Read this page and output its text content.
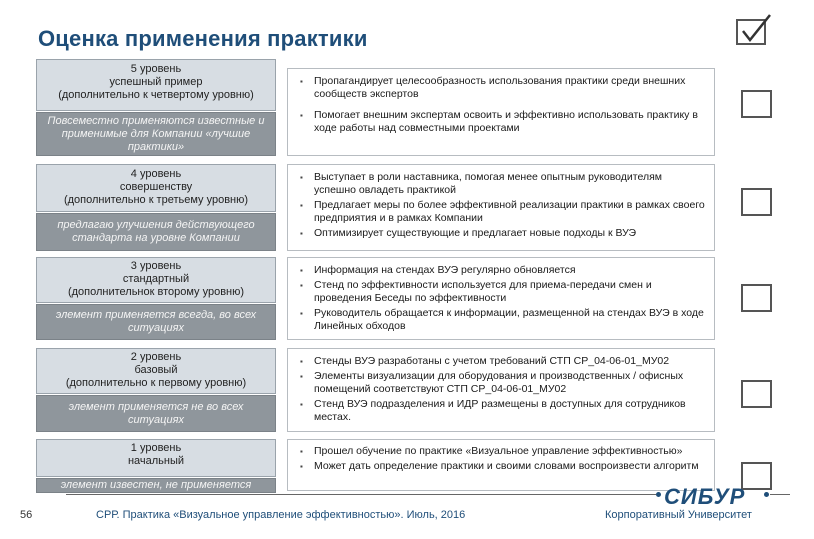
Оценка применения практики
5 уровень
успешный пример
(дополнительно к четвертому уровню)
Повсеместно применяются известные и применимые для Компании «лучшие практики»
▪ Пропагандирует целесообразность использования практики среди внешних сообществ экспертов
▪ Помогает внешним экспертам освоить и эффективно использовать практику в ходе работы над совместными проектами
4 уровень
совершенству
(дополнительно к третьему уровню)
предлагаю улучшения действующего стандарта на уровне Компании
▪ Выступает в роли наставника, помогая менее опытным руководителям успешно овладеть практикой
▪ Предлагает меры по более эффективной реализации практики в рамках своего предприятия и в рамках Компании
▪ Оптимизирует существующие и предлагает новые подходы к ВУЭ
3 уровень
стандартный
(дополнительнок второму уровню)
элемент применяется всегда, во всех ситуациях
▪ Информация на стендах ВУЭ регулярно обновляется
▪ Стенд по эффективности используется для приема-передачи смен и проведения Беседы по эффективности
▪ Руководитель обращается к информации, размещенной на стендах ВУЭ в ходе Линейных обходов
2 уровень
базовый
(дополнительно к первому уровню)
элемент применяется не во всех ситуациях
▪ Стенды ВУЭ разработаны с учетом требований СТП СР_04-06-01_МУ02
▪ Элементы визуализации для оборудования и производственных / офисных помещений соответствуют СТП СР_04-06-01_МУ02
▪ Стенд ВУЭ подразделения и ИДР размещены в доступных для сотрудников местах.
1 уровень
начальный
элемент известен, не применяется
▪ Прошел обучение по практике «Визуальное управление эффективностью»
▪ Может дать определение практики и своими словами воспроизвести алгоритм
СИБУР
56	СРР. Практика «Визуальное управление эффективностью». Июль, 2016	Корпоративный Университет
